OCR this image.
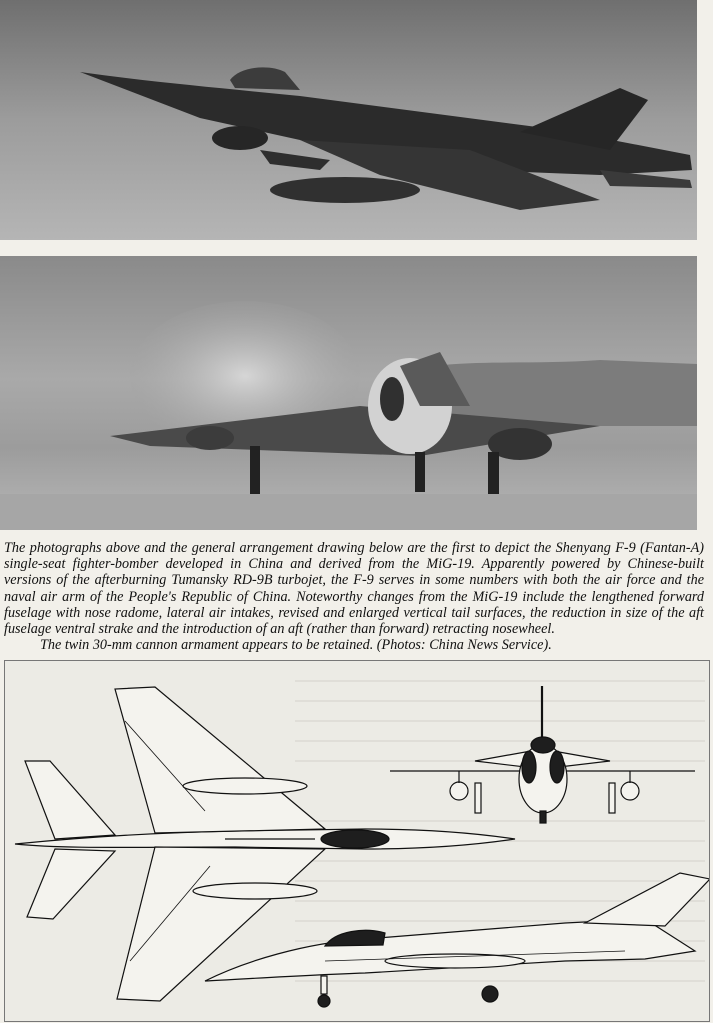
The photographs above and the general arrangement drawing below are the first to depict the Shenyang F-9 (Fantan-A) single-seat fighter-bomber developed in China and derived from the MiG-19. Apparently powered by Chinese-built versions of the afterburning Tumansky RD-9B turbojet, the F-9 serves in some numbers with both the air force and the naval air arm of the People's Republic of China. Noteworthy changes from the MiG-19 include the lengthened forward fuselage with nose radome, lateral air intakes, revised and enlarged vertical tail surfaces, the reduction in size of the aft fuselage ventral strake and the introduction of an aft (rather than forward) retracting nosewheel.
The twin 30-mm cannon armament appears to be retained. (Photos: China News Service).
